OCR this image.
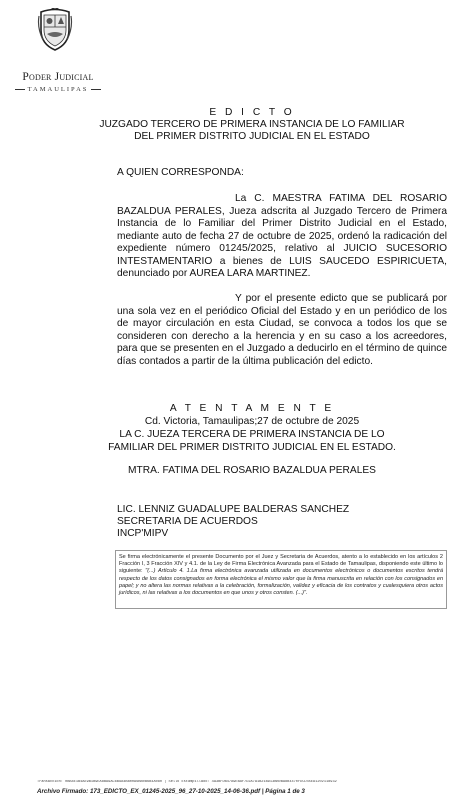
Poder Judicial
TAMAULIPAS
E D I C T O
JUZGADO TERCERO DE PRIMERA INSTANCIA DE LO FAMILIAR
DEL PRIMER DISTRITO JUDICIAL EN EL ESTADO
A QUIEN CORRESPONDA:
La C. MAESTRA FATIMA DEL ROSARIO BAZALDUA PERALES, Jueza adscrita al Juzgado Tercero de Primera Instancia de lo Familiar del Primer Distrito Judicial en el Estado, mediante auto de fecha 27 de octubre de 2025, ordenó la radicación del expediente número 01245/2025, relativo al JUICIO SUCESORIO INTESTAMENTARIO a bienes de LUIS SAUCEDO ESPIRICUETA, denunciado por AUREA LARA MARTINEZ.
Y por el presente edicto que se publicará por una sola vez en el periódico Oficial del Estado y en un periódico de los de mayor circulación en esta Ciudad, se convoca a todos los que se consideren con derecho a la herencia y en su caso a los acreedores, para que se presenten en el Juzgado a deducirlo en el término de quince días contados a partir de la última publicación del edicto.
A T E N T A M E N T E
Cd. Victoria, Tamaulipas;27 de octubre de 2025
LA C. JUEZA TERCERA DE PRIMERA INSTANCIA DE LO
FAMILIAR DEL PRIMER DISTRITO JUDICIAL EN EL ESTADO.
MTRA. FATIMA DEL ROSARIO BAZALDUA PERALES
LIC. LENNIZ GUADALUPE BALDERAS SANCHEZ
SECRETARIA DE ACUERDOS
INCP'MIPV
Se firma electrónicamente el presente Documento por el Juez y Secretaria de Acuerdos, atento a lo establecido en los artículos 2 Fracción I, 3 Fracción XIV y 4.1. de la Ley de Firma Electrónica Avanzada para el Estado de Tamaulipas, disponiendo este último lo siguiente: "(...) Artículo 4. 1.La firma electrónica avanzada utilizada en documentos electrónicos o documentos escritos tendrá respecto de los datos consignados en forma electrónica el mismo valor que la firma manuscrita en relación con los consignados en papel; y no altera las normas relativas a la celebración, formalización, validez y eficacia de los contratos y cualesquiera otros actos jurídicos, ni las relativas a los documentos en que unos y otros consten. (...)".
Transacción: 0BB4E1B4AE9B1B9EA8BA9AC6B9A4BB00A6BB0B6B4A080 | Sello Estampillado: 4A3BFDB47A9EBAF7D2A7A1B21B913BB0BA8B4470FDCD45EA1202118932
Archivo Firmado: 173_EDICTO_EX_01245-2025_96_27-10-2025_14-06-36.pdf | Página 1 de 3
